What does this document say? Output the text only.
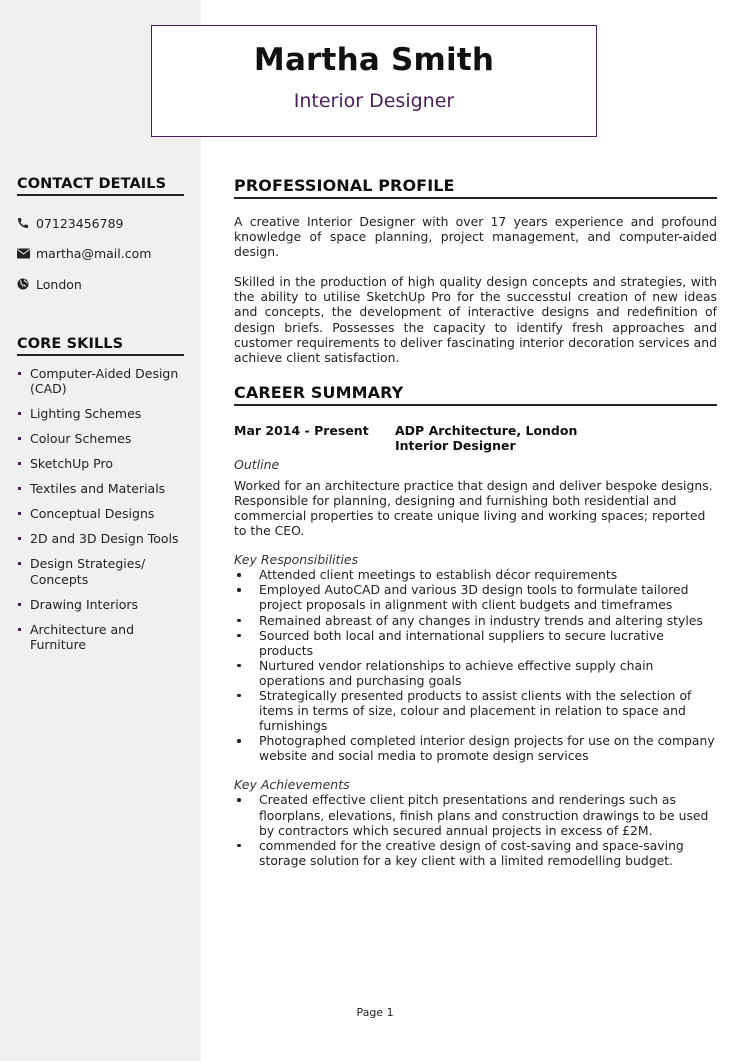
Martha Smith
Interior Designer
CONTACT DETAILS
07123456789
martha@mail.com
London
CORE SKILLS
Computer-Aided Design (CAD)
Lighting Schemes
Colour Schemes
SketchUp Pro
Textiles and Materials
Conceptual Designs
2D and 3D Design Tools
Design Strategies/ Concepts
Drawing Interiors
Architecture and Furniture
PROFESSIONAL PROFILE

A creative Interior Designer with over 17 years experience and profound knowledge of space planning, project management, and computer-aided design.

Skilled in the production of high quality design concepts and strategies, with the ability to utilise SketchUp Pro for the successtul creation of new ideas and concepts, the development of interactive designs and redefinition of design briefs. Possesses the capacity to identify fresh approaches and customer requirements to deliver fascinating interior decoration services and achieve client satisfaction.

CAREER SUMMARY
Mar 2014 - Present	ADP Architecture, London
Interior Designer

Outline

Worked for an architecture practice that design and deliver bespoke designs. Responsible for planning, designing and furnishing both residential and commercial properties to create unique living and working spaces; reported to the CEO.

Key Responsibilities

Attended client meetings to establish décor requirements
Employed AutoCAD and various 3D design tools to formulate tailored project proposals in alignment with client budgets and timeframes
Remained abreast of any changes in industry trends and altering styles
Sourced both local and international suppliers to secure lucrative products
Nurtured vendor relationships to achieve effective supply chain operations and purchasing goals
Strategically presented products to assist clients with the selection of items in terms of size, colour and placement in relation to space and furnishings
Photographed completed interior design projects for use on the company website and social media to promote design services

Key Achievements

Created effective client pitch presentations and renderings such as floorplans, elevations, finish plans and construction drawings to be used by contractors which secured annual projects in excess of £2M.
commended for the creative design of cost-saving and space-saving storage solution for a key client with a limited remodelling budget.
Page 1
